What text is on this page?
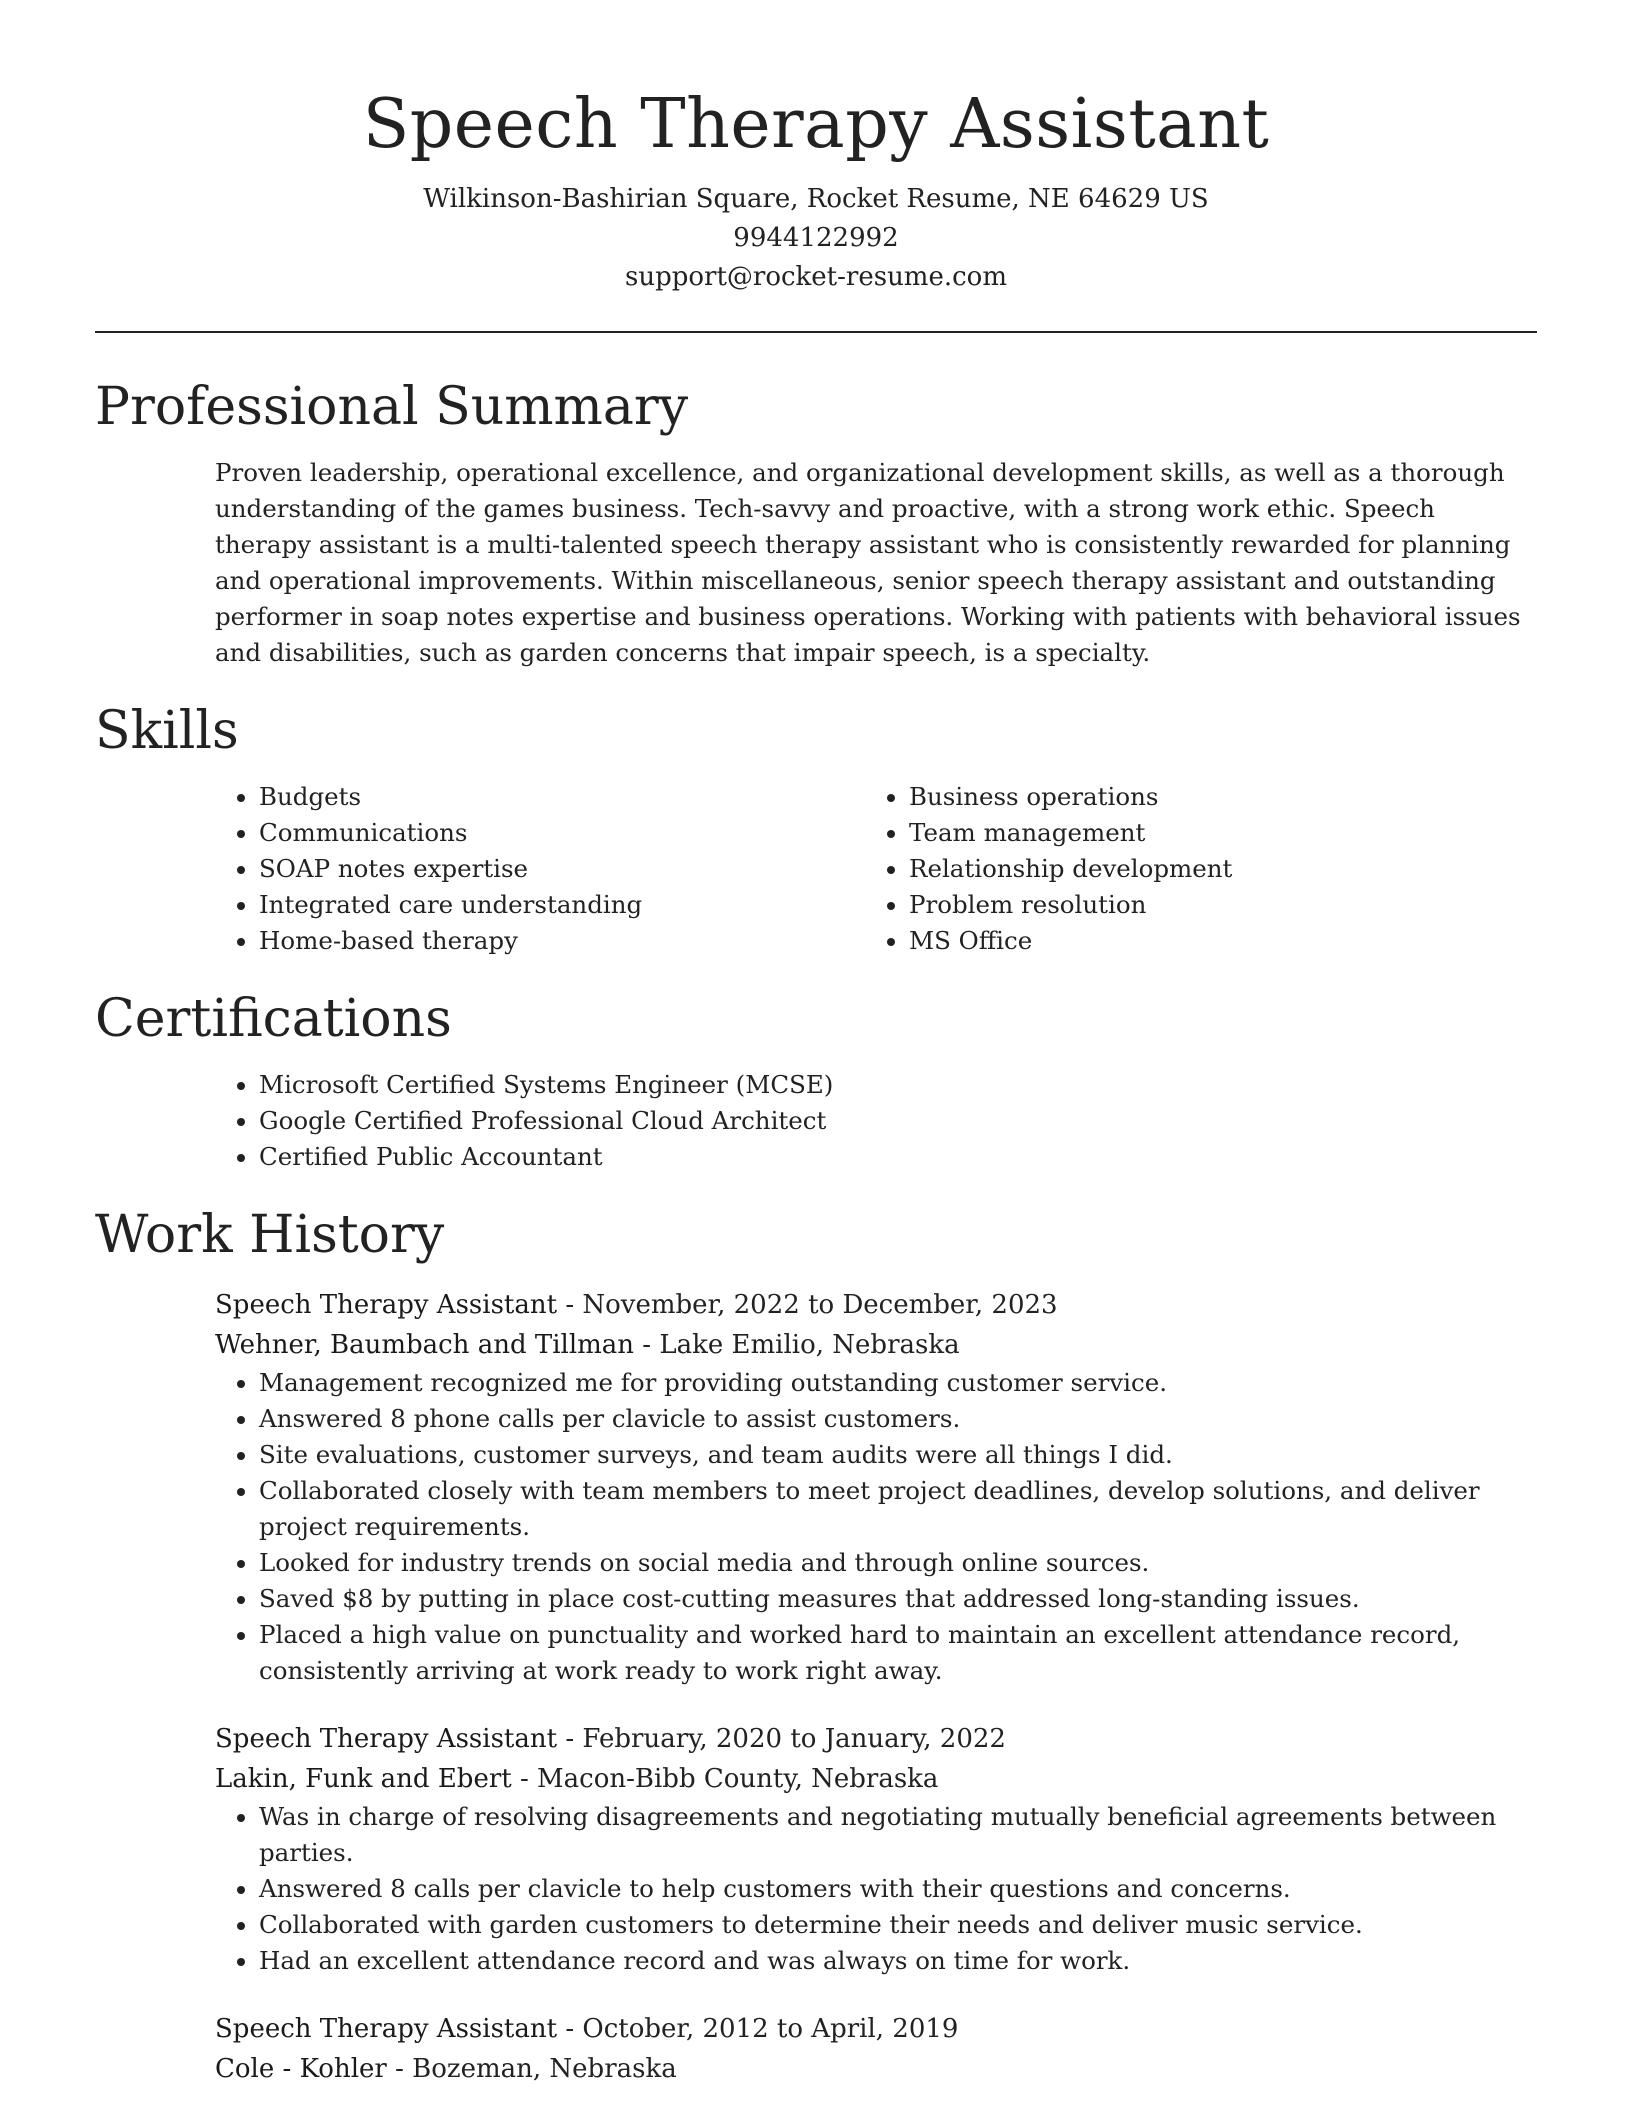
Speech Therapy Assistant
Wilkinson-Bashirian Square, Rocket Resume, NE 64629 US
9944122992
support@rocket-resume.com
Professional Summary

Proven leadership, operational excellence, and organizational development skills, as well as a thorough understanding of the games business. Tech-savvy and proactive, with a strong work ethic. Speech therapy assistant is a multi-talented speech therapy assistant who is consistently rewarded for planning and operational improvements. Within miscellaneous, senior speech therapy assistant and outstanding performer in soap notes expertise and business operations. Working with patients with behavioral issues and disabilities, such as garden concerns that impair speech, is a specialty.

Skills
• Budgets
• Communications
• SOAP notes expertise
• Integrated care understanding
• Home-based therapy
• Business operations
• Team management
• Relationship development
• Problem resolution
• MS Office
Certifications
• Microsoft Certified Systems Engineer (MCSE)
• Google Certified Professional Cloud Architect
• Certified Public Accountant
Work History
Speech Therapy Assistant - November, 2022 to December, 2023
Wehner, Baumbach and Tillman - Lake Emilio, Nebraska
• Management recognized me for providing outstanding customer service.
• Answered 8 phone calls per clavicle to assist customers.
• Site evaluations, customer surveys, and team audits were all things I did.
• Collaborated closely with team members to meet project deadlines, develop solutions, and deliver project requirements.
• Looked for industry trends on social media and through online sources.
• Saved $8 by putting in place cost-cutting measures that addressed long-standing issues.
• Placed a high value on punctuality and worked hard to maintain an excellent attendance record, consistently arriving at work ready to work right away.
Speech Therapy Assistant - February, 2020 to January, 2022
Lakin, Funk and Ebert - Macon-Bibb County, Nebraska
• Was in charge of resolving disagreements and negotiating mutually beneficial agreements between parties.
• Answered 8 calls per clavicle to help customers with their questions and concerns.
• Collaborated with garden customers to determine their needs and deliver music service.
• Had an excellent attendance record and was always on time for work.
Speech Therapy Assistant - October, 2012 to April, 2019
Cole - Kohler - Bozeman, Nebraska
